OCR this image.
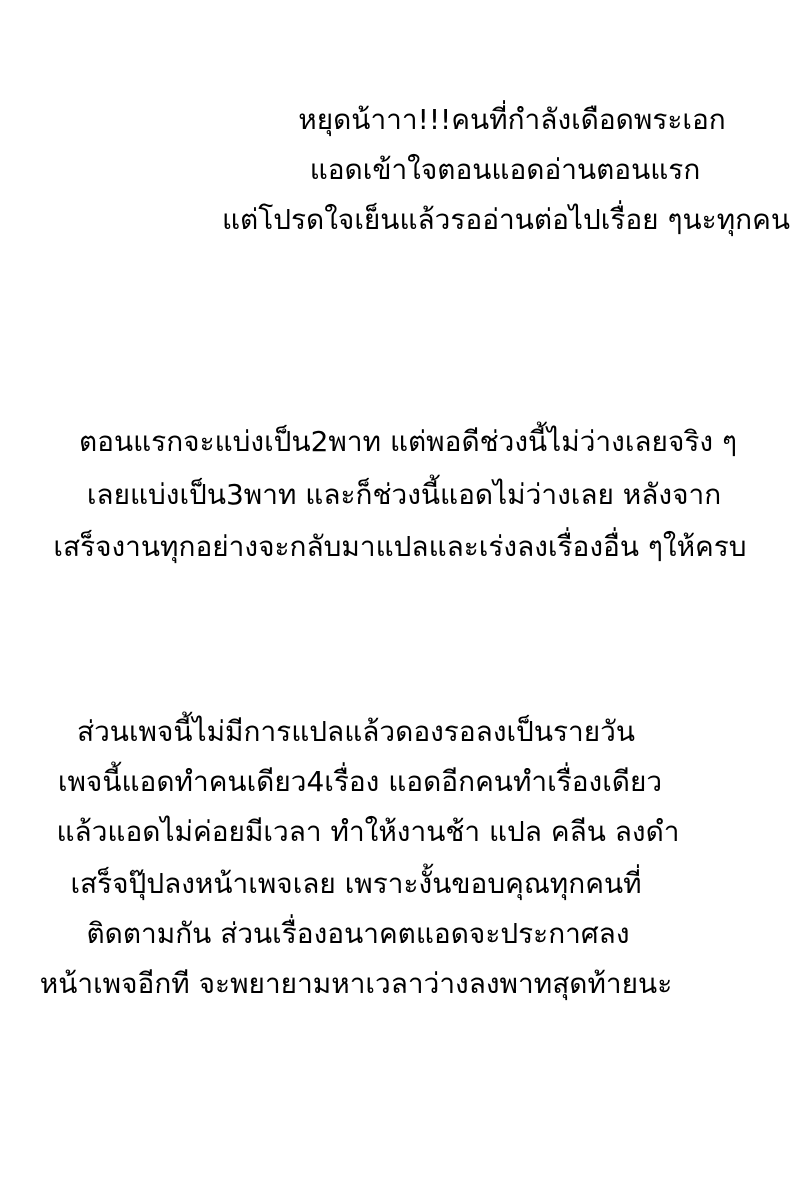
หยุดน้าาา!!!คนที่กำลังเดือดพระเอก
แอดเข้าใจตอนแอดอ่านตอนแรก
แต่โปรดใจเย็นแล้วรออ่านต่อไปเรื่อย ๆนะทุกคน
ตอนแรกจะแบ่งเป็น2พาท แต่พอดีช่วงนี้ไม่ว่างเลยจริง ๆ
เลยแบ่งเป็น3พาท และก็ช่วงนี้แอดไม่ว่างเลย หลังจาก
เสร็จงานทุกอย่างจะกลับมาแปลและเร่งลงเรื่องอื่น ๆให้ครบ
ส่วนเพจนี้ไม่มีการแปลแล้วดองรอลงเป็นรายวัน
เพจนี้แอดทำคนเดียว4เรื่อง แอดอีกคนทำเรื่องเดียว
แล้วแอดไม่ค่อยมีเวลา ทำให้งานช้า แปล คลีน ลงดำ
เสร็จปุ๊ปลงหน้าเพจเลย เพราะงั้นขอบคุณทุกคนที่
ติดตามกัน ส่วนเรื่องอนาคตแอดจะประกาศลง
หน้าเพจอีกที จะพยายามหาเวลาว่างลงพาทสุดท้ายนะ
